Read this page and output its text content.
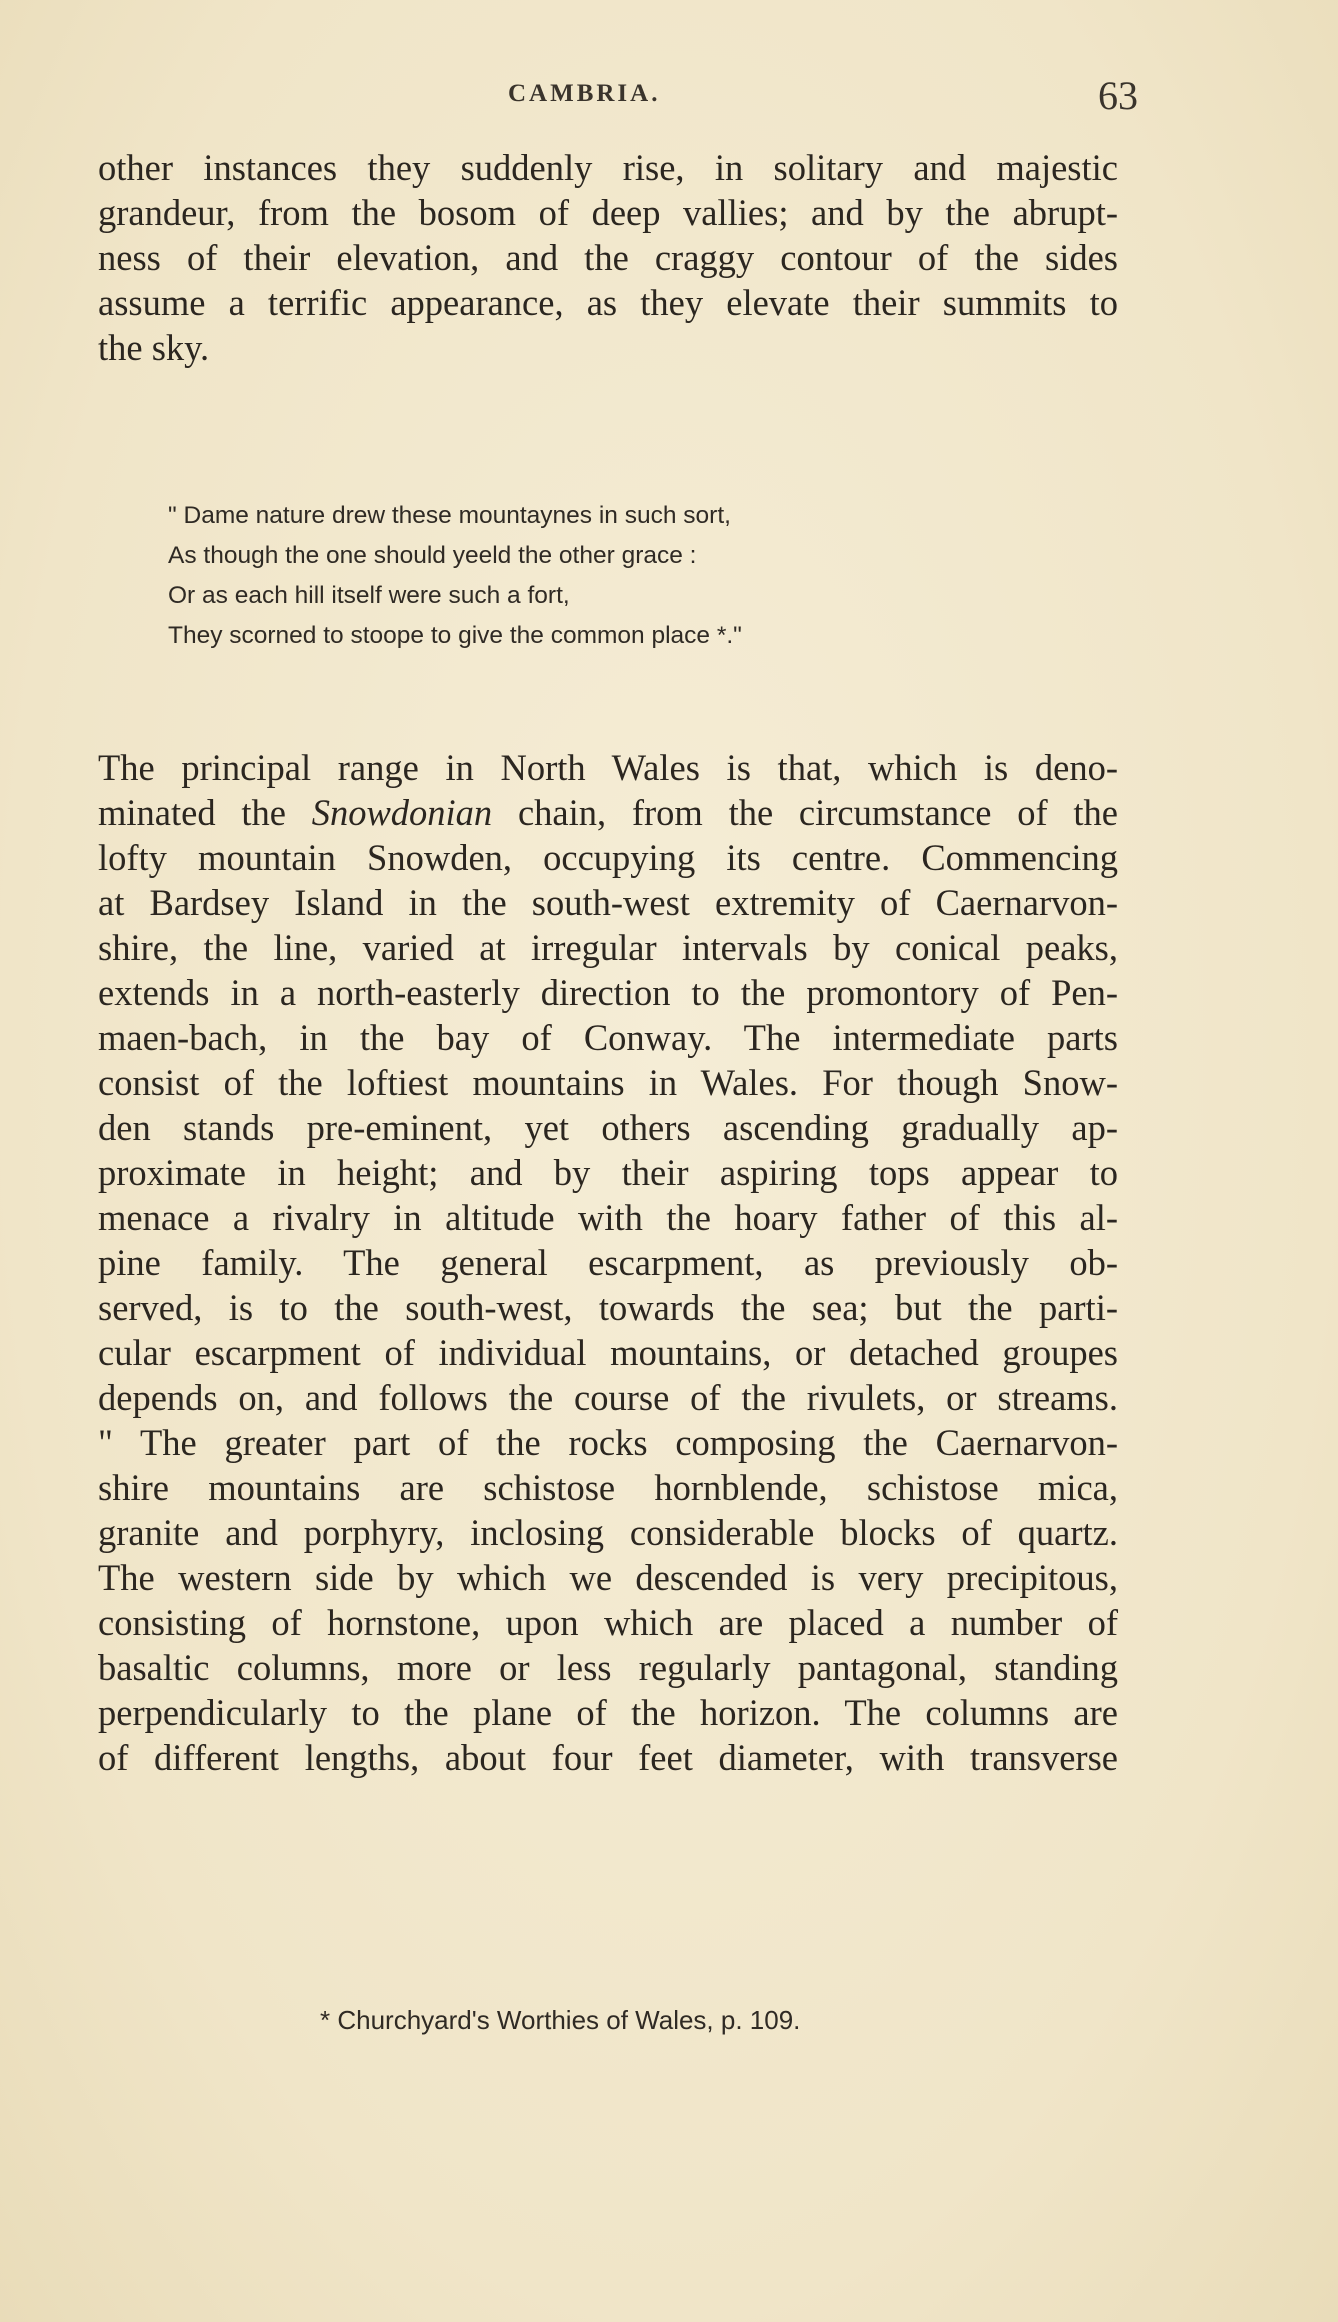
CAMBRIA.	63
other instances they suddenly rise, in solitary and majestic
grandeur, from the bosom of deep vallies; and by the abrupt-
ness of their elevation, and the craggy contour of the sides
assume a terrific appearance, as they elevate their summits to
the sky.
" Dame nature drew these mountaynes in such sort,
As though the one should yeeld the other grace :
Or as each hill itself were such a fort,
They scorned to stoope to give the common place *."
The principal range in North Wales is that, which is deno-
minated the Snowdonian chain, from the circumstance of the
lofty mountain Snowden, occupying its centre. Commencing
at Bardsey Island in the south-west extremity of Caernarvon-
shire, the line, varied at irregular intervals by conical peaks,
extends in a north-easterly direction to the promontory of Pen-
maen-bach, in the bay of Conway. The intermediate parts
consist of the loftiest mountains in Wales. For though Snow-
den stands pre-eminent, yet others ascending gradually ap-
proximate in height; and by their aspiring tops appear to
menace a rivalry in altitude with the hoary father of this al-
pine family. The general escarpment, as previously ob-
served, is to the south-west, towards the sea; but the parti-
cular escarpment of individual mountains, or detached groupes
depends on, and follows the course of the rivulets, or streams.
" The greater part of the rocks composing the Caernarvon-
shire mountains are schistose hornblende, schistose mica,
granite and porphyry, inclosing considerable blocks of quartz.
The western side by which we descended is very precipitous,
consisting of hornstone, upon which are placed a number of
basaltic columns, more or less regularly pantagonal, standing
perpendicularly to the plane of the horizon. The columns are
of different lengths, about four feet diameter, with transverse
* Churchyard's Worthies of Wales, p. 109.
